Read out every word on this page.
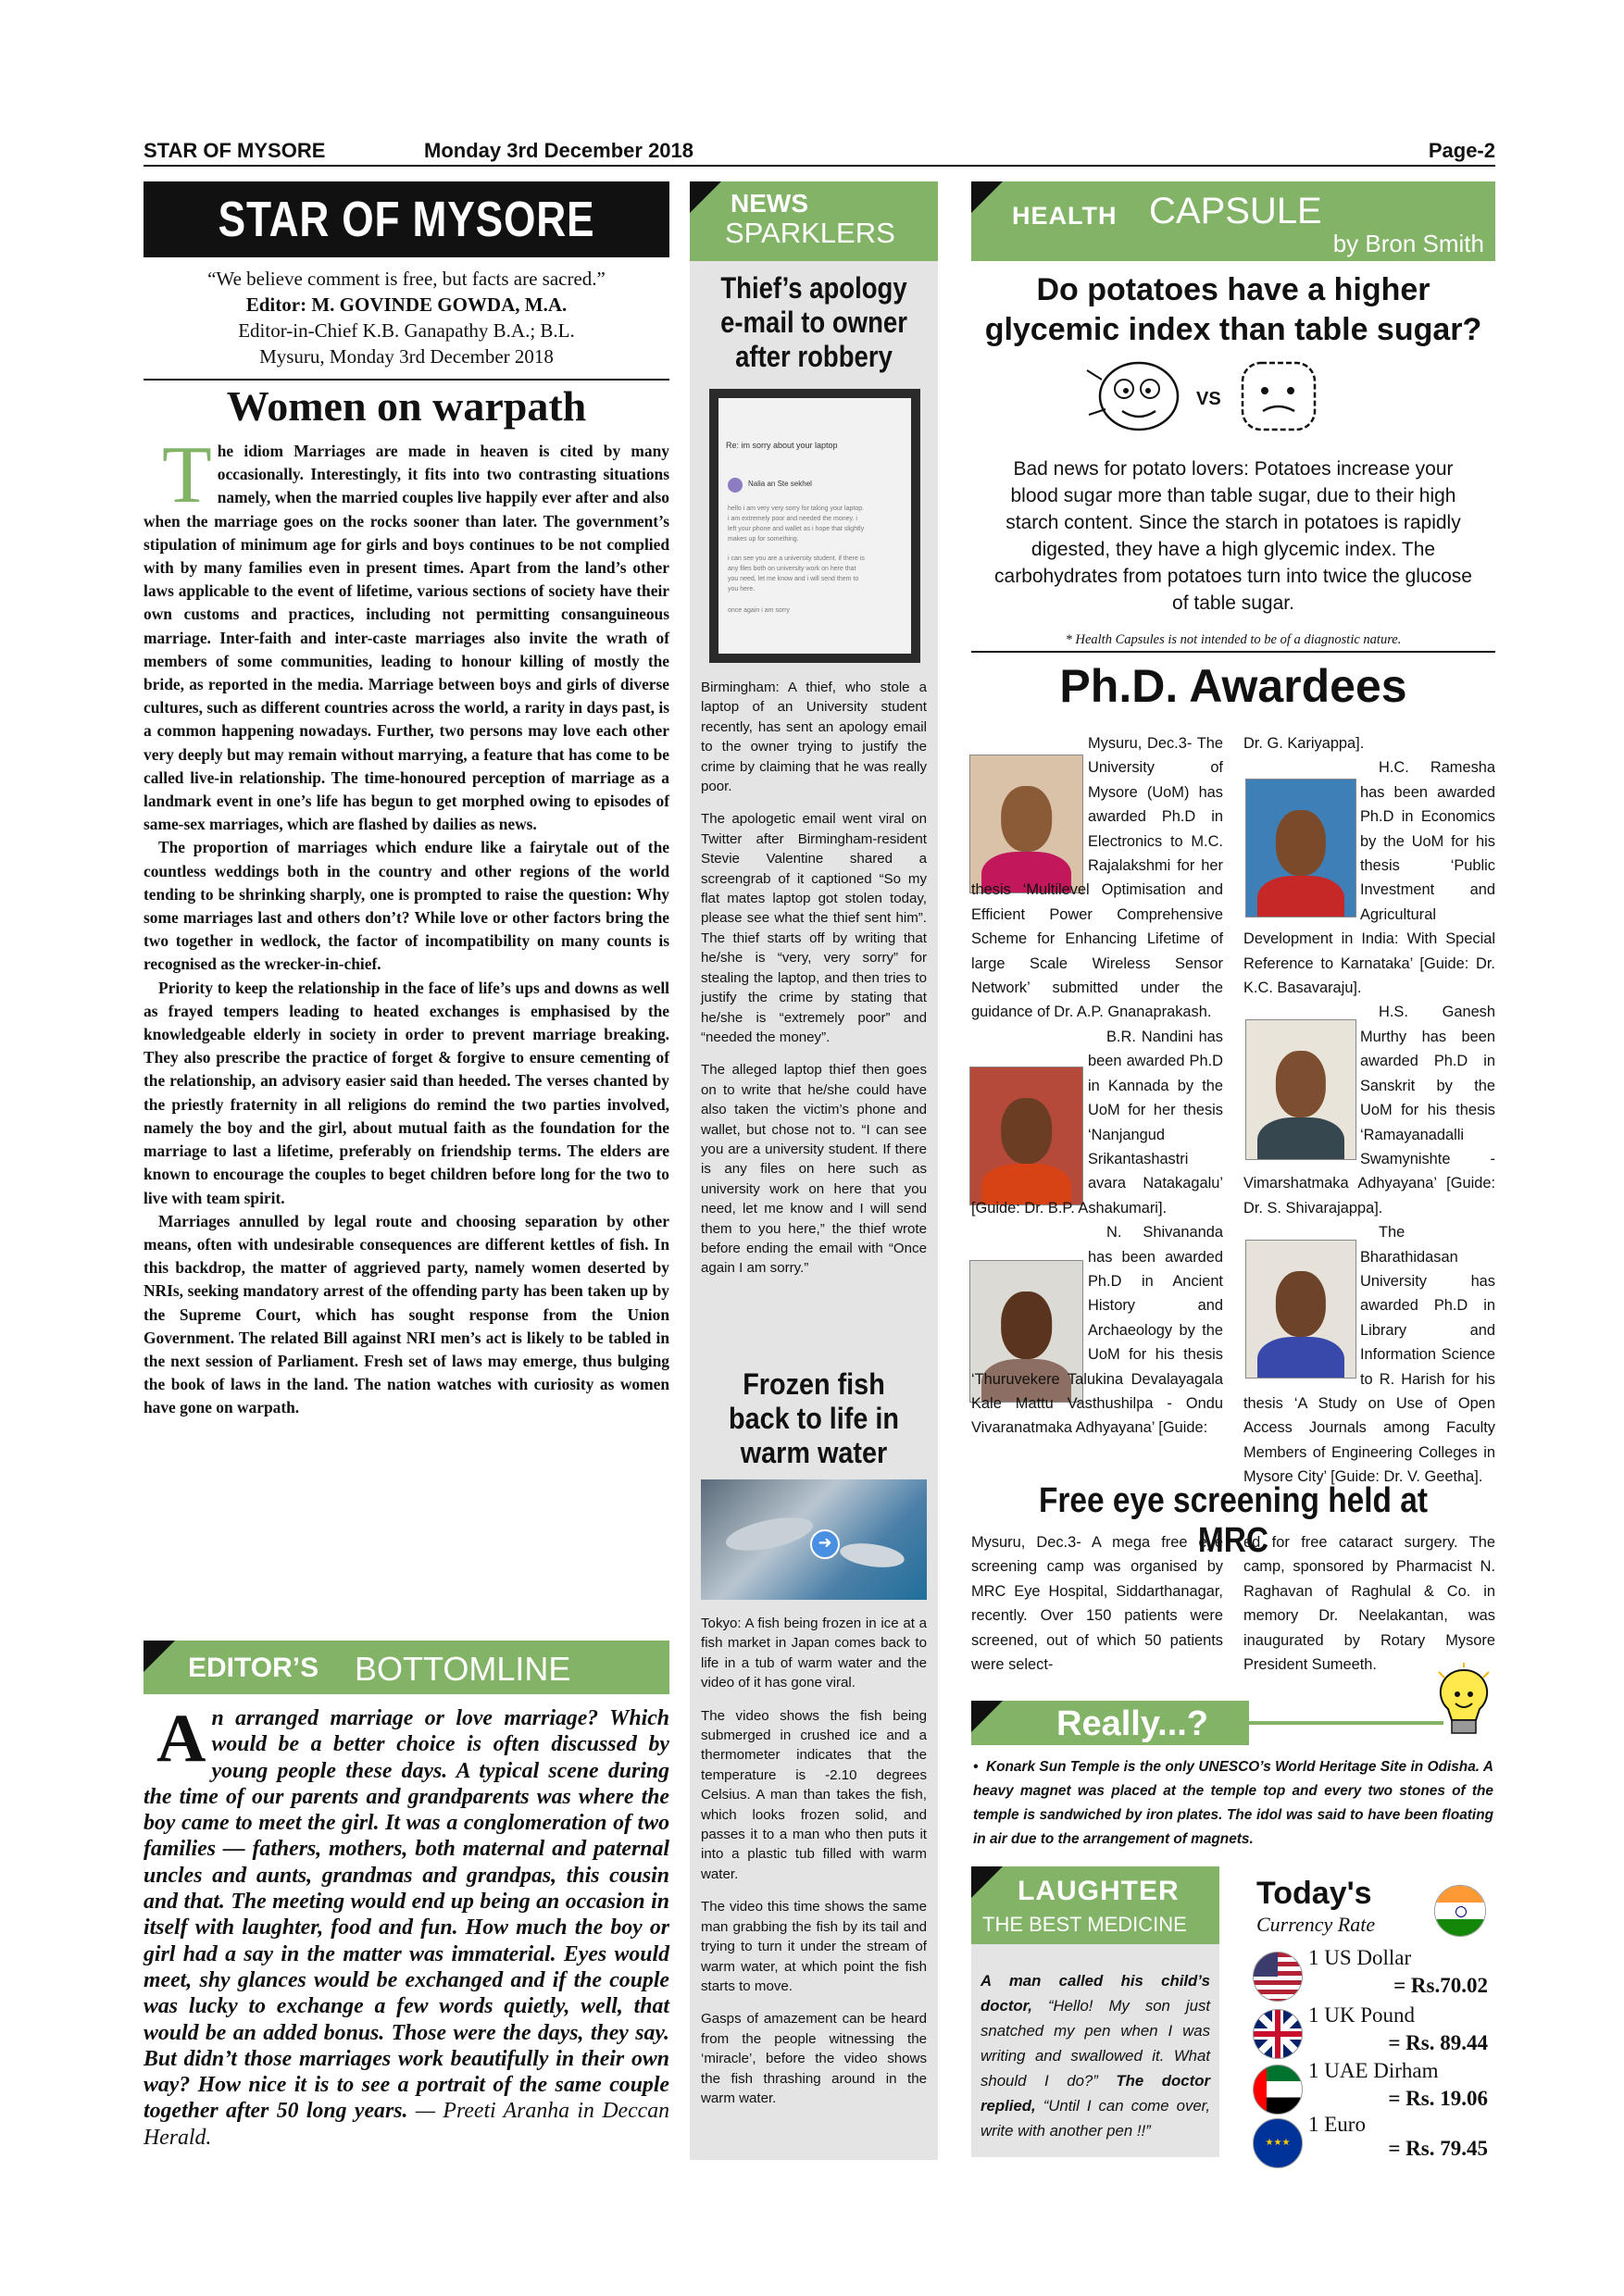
STAR OF MYSORE	Monday 3rd December 2018	Page-2
STAR OF MYSORE
“We believe comment is free, but facts are sacred.”
Editor: M. GOVINDE GOWDA, M.A.
Editor-in-Chief K.B. Ganapathy B.A.; B.L.
Mysuru, Monday 3rd December 2018
Women on warpath

The idiom Marriages are made in heaven is cited by many occasionally. Interestingly, it fits into two contrasting situations namely, when the married couples live happily ever after and also when the marriage goes on the rocks sooner than later. The government’s stipulation of minimum age for girls and boys continues to be not complied with by many families even in present times. Apart from the land’s other laws applicable to the event of lifetime, various sections of society have their own customs and practices, including not permitting consanguineous marriage. Inter-faith and inter-caste marriages also invite the wrath of members of some communities, leading to honour killing of mostly the bride, as reported in the media. Marriage between boys and girls of diverse cultures, such as different countries across the world, a rarity in days past, is a common happening nowadays. Further, two persons may love each other very deeply but may remain without marrying, a feature that has come to be called live-in relationship. The time-honoured perception of marriage as a landmark event in one’s life has begun to get morphed owing to episodes of same-sex marriages, which are flashed by dailies as news.

The proportion of marriages which endure like a fairytale out of the countless weddings both in the country and other regions of the world tending to be shrinking sharply, one is prompted to raise the question: Why some marriages last and others don’t? While love or other factors bring the two together in wedlock, the factor of incompatibility on many counts is recognised as the wrecker-in-chief.

Priority to keep the relationship in the face of life’s ups and downs as well as frayed tempers leading to heated exchanges is emphasised by the knowledgeable elderly in society in order to prevent marriage breaking. They also prescribe the practice of forget & forgive to ensure cementing of the relationship, an advisory easier said than heeded. The verses chanted by the priestly fraternity in all religions do remind the two parties involved, namely the boy and the girl, about mutual faith as the foundation for the marriage to last a lifetime, preferably on friendship terms. The elders are known to encourage the couples to beget children before long for the two to live with team spirit.

Marriages annulled by legal route and choosing separation by other means, often with undesirable consequences are different kettles of fish. In this backdrop, the matter of aggrieved party, namely women deserted by NRIs, seeking mandatory arrest of the offending party has been taken up by the Supreme Court, which has sought response from the Union Government. The related Bill against NRI men’s act is likely to be tabled in the next session of Parliament. Fresh set of laws may emerge, thus bulging the book of laws in the land. The nation watches with curiosity as women have gone on warpath.

EDITOR’S BOTTOMLINE
An arranged marriage or love marriage? Which would be a better choice is often discussed by young people these days. A typical scene during the time of our parents and grandparents was where the boy came to meet the girl. It was a conglomeration of two families — fathers, mothers, both maternal and paternal uncles and aunts, grandmas and grandpas, this cousin and that. The meeting would end up being an occasion in itself with laughter, food and fun. How much the boy or girl had a say in the matter was immaterial. Eyes would meet, shy glances would be exchanged and if the couple was lucky to exchange a few words quietly, well, that would be an added bonus. Those were the days, they say. But didn’t those marriages work beautifully in their own way? How nice it is to see a portrait of the same couple together after 50 long years. — Preeti Aranha in Deccan Herald.
NEWS
SPARKLERS
Thief’s apology e-mail to owner after robbery
Re: im sorry about your laptop
Nalia an Ste sekhel
hello i am very very sorry for taking your laptop.
i am extremely poor and needed the money. i
left your phone and wallet as i hope that slightly
makes up for something.
i can see you are a university student. if there is
any files both on university work on here that
you need, let me know and i will send them to
you here.
once again i am sorry

Birmingham: A thief, who stole a laptop of an University student recently, has sent an apology email to the owner trying to justify the crime by claiming that he was really poor.

The apologetic email went viral on Twitter after Birmingham-resident Stevie Valentine shared a screengrab of it captioned “So my flat mates laptop got stolen today, please see what the thief sent him”. The thief starts off by writing that he/she is “very, very sorry” for stealing the laptop, and then tries to justify the crime by stating that he/she is “extremely poor” and “needed the money”.

The alleged laptop thief then goes on to write that he/she could have also taken the victim’s phone and wallet, but chose not to. “I can see you are a university student. If there is any files on here such as university work on here that you need, let me know and I will send them to you here,” the thief wrote before ending the email with “Once again I am sorry.”

Frozen fish back to life in warm water
➜

Tokyo: A fish being frozen in ice at a fish market in Japan comes back to life in a tub of warm water and the video of it has gone viral.

The video shows the fish being submerged in crushed ice and a thermometer indicates that the temperature is -2.10 degrees Celsius. A man than takes the fish, which looks frozen solid, and passes it to a man who then puts it into a plastic tub filled with warm water.

The video this time shows the same man grabbing the fish by its tail and trying to turn it under the stream of warm water, at which point the fish starts to move.

Gasps of amazement can be heard from the people witnessing the ‘miracle’, before the video shows the fish thrashing around in the warm water.

HEALTH CAPSULE
by Bron Smith
Do potatoes have a higher glycemic index than table sugar?
VS
Bad news for potato lovers: Potatoes increase your blood sugar more than table sugar, due to their high starch content. Since the starch in potatoes is rapidly digested, they have a high glycemic index. The carbohydrates from potatoes turn into twice the glucose of table sugar.
* Health Capsules is not intended to be of a diagnostic nature.
Ph.D. Awardees
Mysuru, Dec.3- The University of Mysore (UoM) has awarded Ph.D in Electronics to M.C. Rajalakshmi for her thesis ‘Multilevel Optimisation and Efficient Power Comprehensive Scheme for Enhancing Lifetime of large Scale Wireless Sensor Network’ submitted under the guidance of Dr. A.P. Gnanaprakash.
B.R. Nandini has been awarded Ph.D in Kannada by the UoM for her thesis ‘Nanjangud Srikantashastri avara Natakagalu’ [Guide: Dr. B.P. Ashakumari].
N. Shivananda has been awarded Ph.D in Ancient History and Archaeology by the UoM for his thesis ‘Thuruvekere Talukina Devalayagala Kale Mattu Vasthushilpa - Ondu Vivaranatmaka Adhyayana’ [Guide:
Dr. G. Kariyappa].
H.C. Ramesha has been awarded Ph.D in Economics by the UoM for his thesis ‘Public Investment and Agricultural Development in India: With Special Reference to Karnataka’ [Guide: Dr. K.C. Basavaraju].
H.S. Ganesh Murthy has been awarded Ph.D in Sanskrit by the UoM for his thesis ‘Ramayanadalli Swamynishte - Vimarshatmaka Adhyayana’ [Guide: Dr. S. Shivarajappa].
The Bharathidasan University has awarded Ph.D in Library and Information Science to R. Harish for his thesis ‘A Study on Use of Open Access Journals among Faculty Members of Engineering Colleges in Mysore City’ [Guide: Dr. V. Geetha].
Free eye screening held at MRC
Mysuru, Dec.3- A mega free eye screening camp was organised by MRC Eye Hospital, Siddarthanagar, recently. Over 150 patients were screened, out of which 50 patients were select-
ed for free cataract surgery. The camp, sponsored by Pharmacist N. Raghavan of Raghulal & Co. in memory Dr. Neelakantan, was inaugurated by Rotary Mysore President Sumeeth.
Really...?
• Konark Sun Temple is the only UNESCO’s World Heritage Site in Odisha. A heavy magnet was placed at the temple top and every two stones of the temple is sandwiched by iron plates. The idol was said to have been floating in air due to the arrangement of magnets.
LAUGHTER
THE BEST MEDICINE
A man called his child’s doctor, “Hello! My son just snatched my pen when I was writing and swallowed it. What should I do?” The doctor replied, “Until I can come over, write with another pen !!”
Today's
Currency Rate
1 US Dollar
= Rs.70.02
1 UK Pound
= Rs. 89.44
1 UAE Dirham
= Rs. 19.06
★★★
1 Euro
= Rs. 79.45
